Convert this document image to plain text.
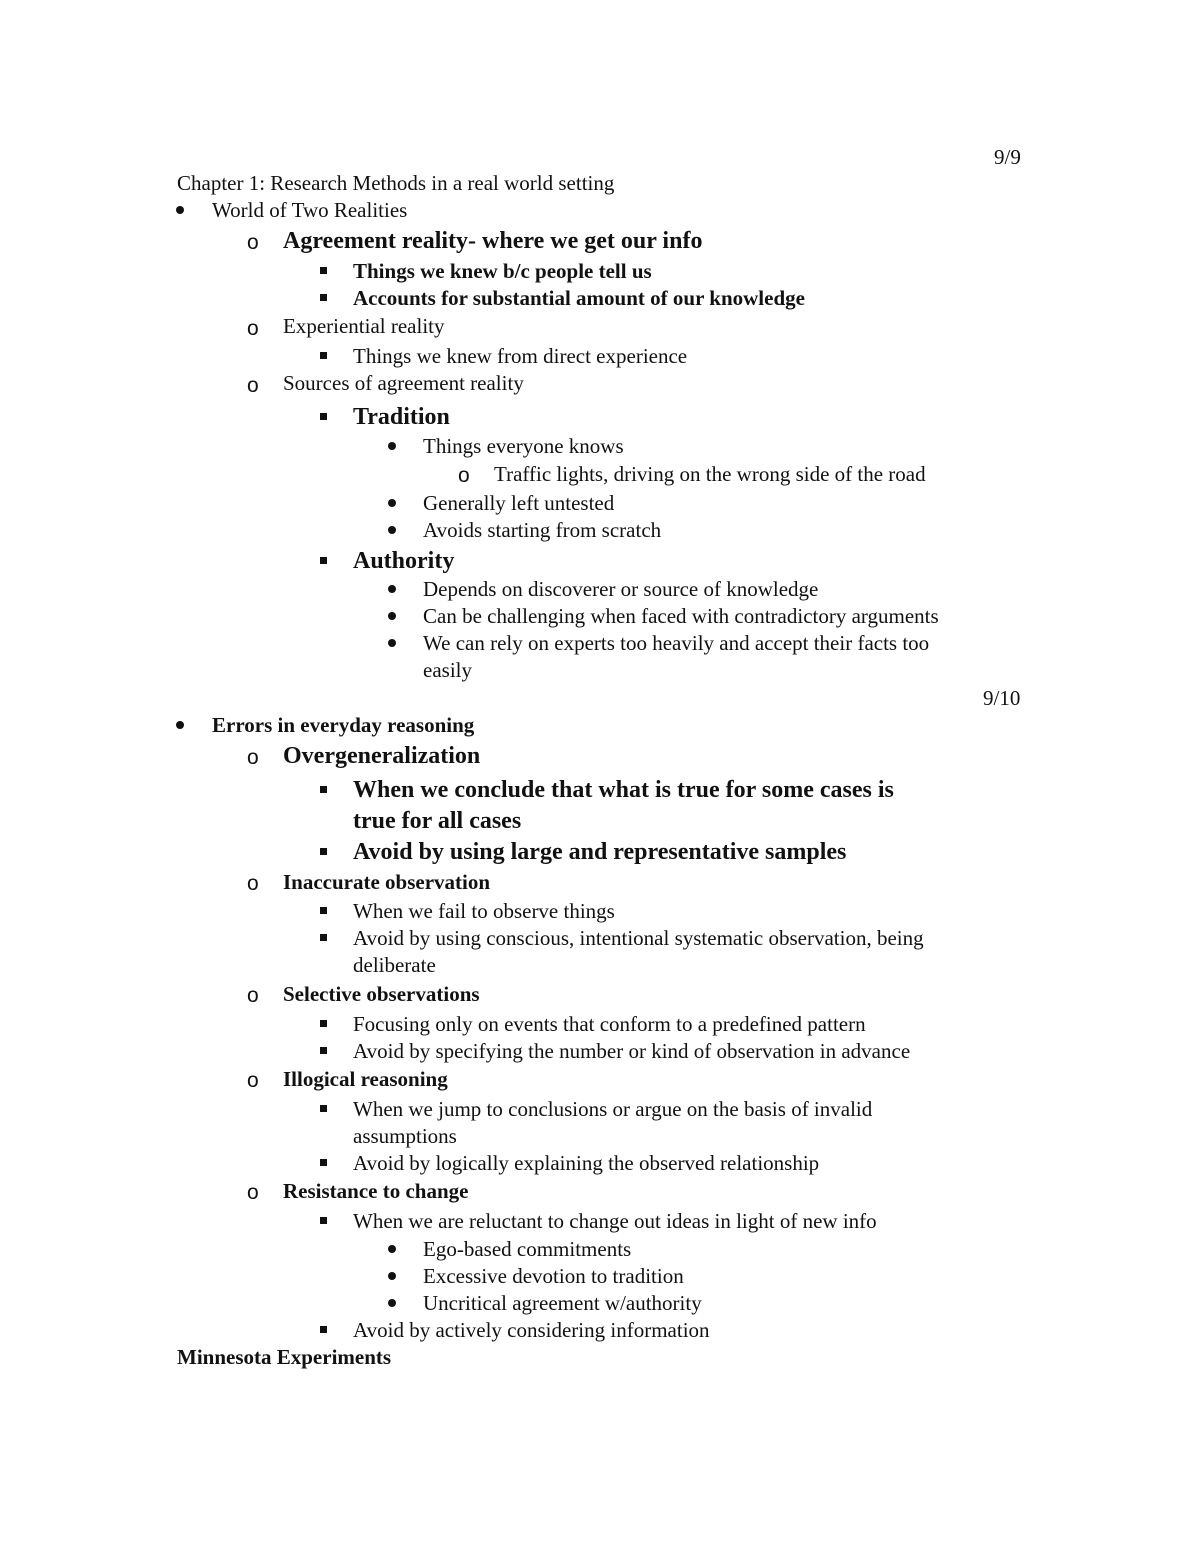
9/9
Chapter 1: Research Methods in a real world setting
World of Two Realities
o Agreement reality- where we get our info
Things we knew b/c people tell us
Accounts for substantial amount of our knowledge
o Experiential reality
Things we knew from direct experience
o Sources of agreement reality
Tradition
Things everyone knows
o Traffic lights, driving on the wrong side of the road
Generally left untested
Avoids starting from scratch
Authority
Depends on discoverer or source of knowledge
Can be challenging when faced with contradictory arguments
We can rely on experts too heavily and accept their facts too
easily
9/10
Errors in everyday reasoning
o Overgeneralization
When we conclude that what is true for some cases is
true for all cases
Avoid by using large and representative samples
o Inaccurate observation
When we fail to observe things
Avoid by using conscious, intentional systematic observation, being
deliberate
o Selective observations
Focusing only on events that conform to a predefined pattern
Avoid by specifying the number or kind of observation in advance
o Illogical reasoning
When we jump to conclusions or argue on the basis of invalid
assumptions
Avoid by logically explaining the observed relationship
o Resistance to change
When we are reluctant to change out ideas in light of new info
Ego-based commitments
Excessive devotion to tradition
Uncritical agreement w/authority
Avoid by actively considering information
Minnesota Experiments
